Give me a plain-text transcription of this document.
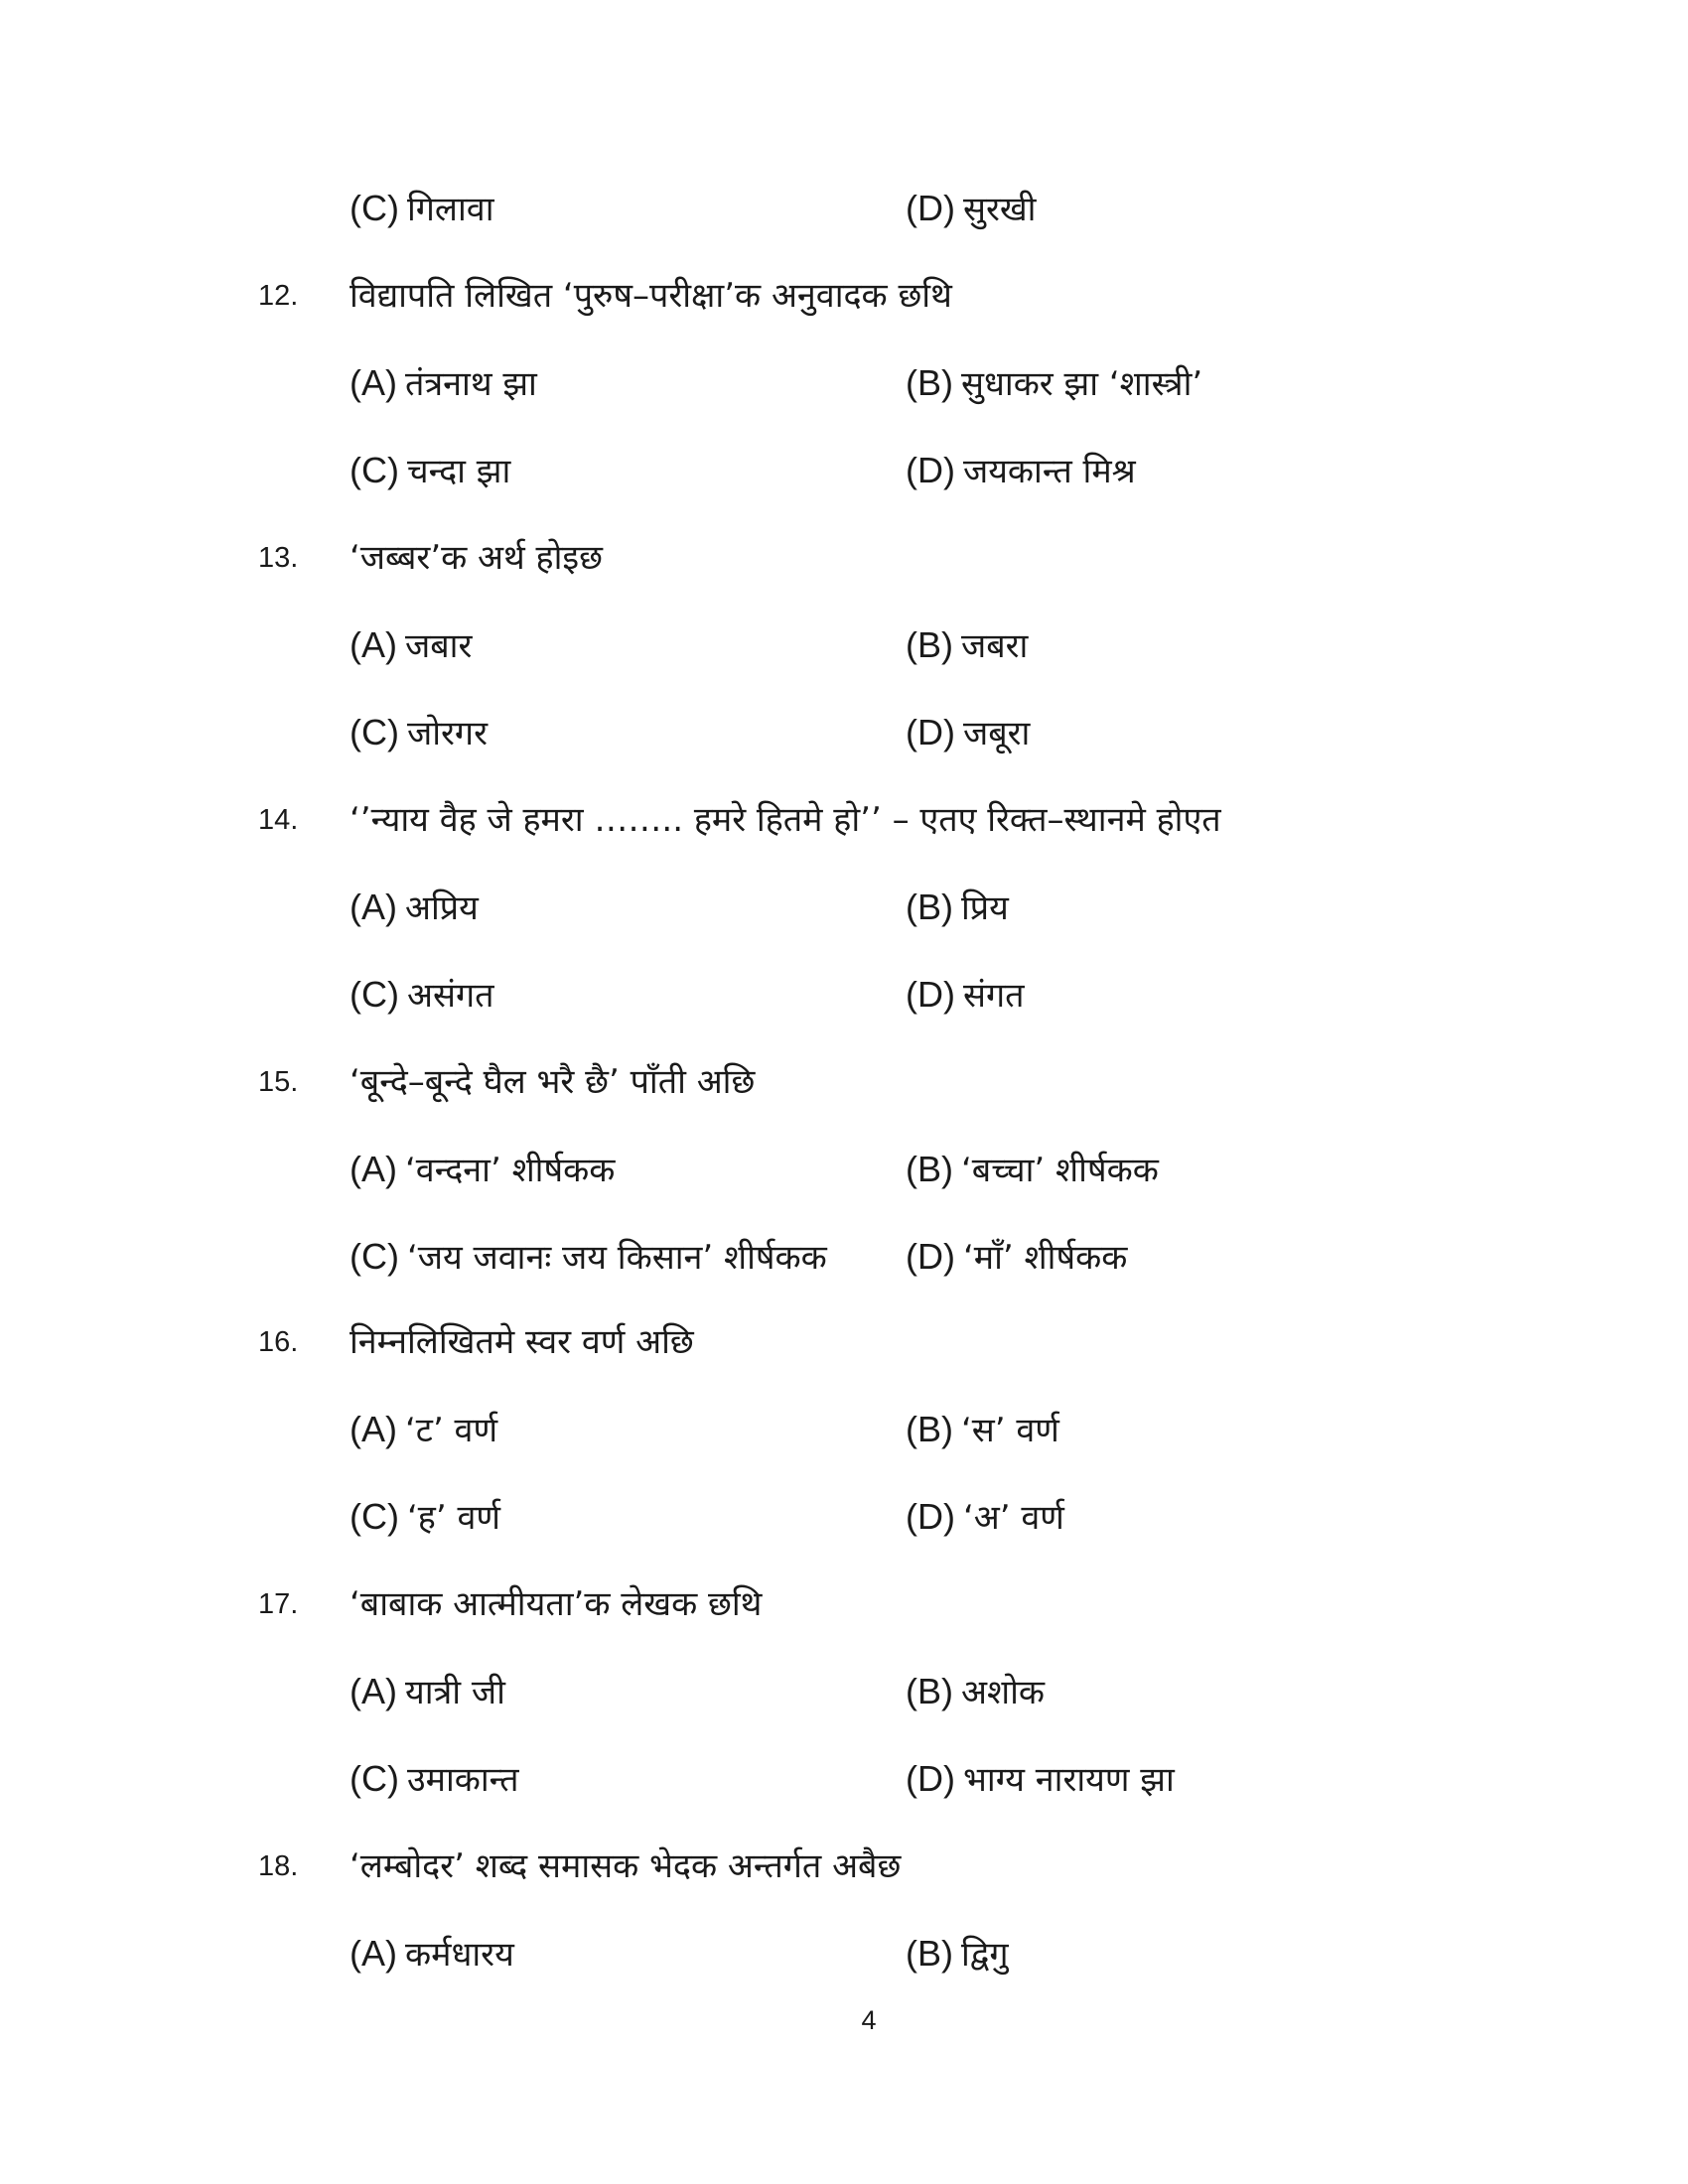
(C) गिलावा	(D) सुरखी
12. विद्यापति लिखित ‘पुरुष–परीक्षा’क अनुवादक छथि
(A) तंत्रनाथ झा	(B) सुधाकर झा ‘शास्त्री’
(C) चन्दा झा	(D) जयकान्त मिश्र
13. ‘जब्बर’क अर्थ होइछ
(A) जबार	(B) जबरा
(C) जोरगर	(D) जबूरा
14. ‘’न्याय वैह जे हमरा …….. हमरे हितमे हो’’ – एतए रिक्त–स्थानमे होएत
(A) अप्रिय	(B) प्रिय
(C) असंगत	(D) संगत
15. ‘बून्दे–बून्दे घैल भरै छै’ पाँती अछि
(A) ‘वन्दना’ शीर्षकक	(B) ‘बच्चा’ शीर्षकक
(C) ‘जय जवानः जय किसान’ शीर्षकक (D) ‘माँ’ शीर्षकक
16. निम्नलिखितमे स्वर वर्ण अछि
(A) ‘ट’ वर्ण	(B) ‘स’ वर्ण
(C) ‘ह’ वर्ण	(D) ‘अ’ वर्ण
17. ‘बाबाक आत्मीयता’क लेखक छथि
(A) यात्री जी	(B) अशोक
(C) उमाकान्त	(D) भाग्य नारायण झा
18. ‘लम्बोदर’ शब्द समासक भेदक अन्तर्गत अबैछ
(A) कर्मधारय	(B) द्विगु
4
